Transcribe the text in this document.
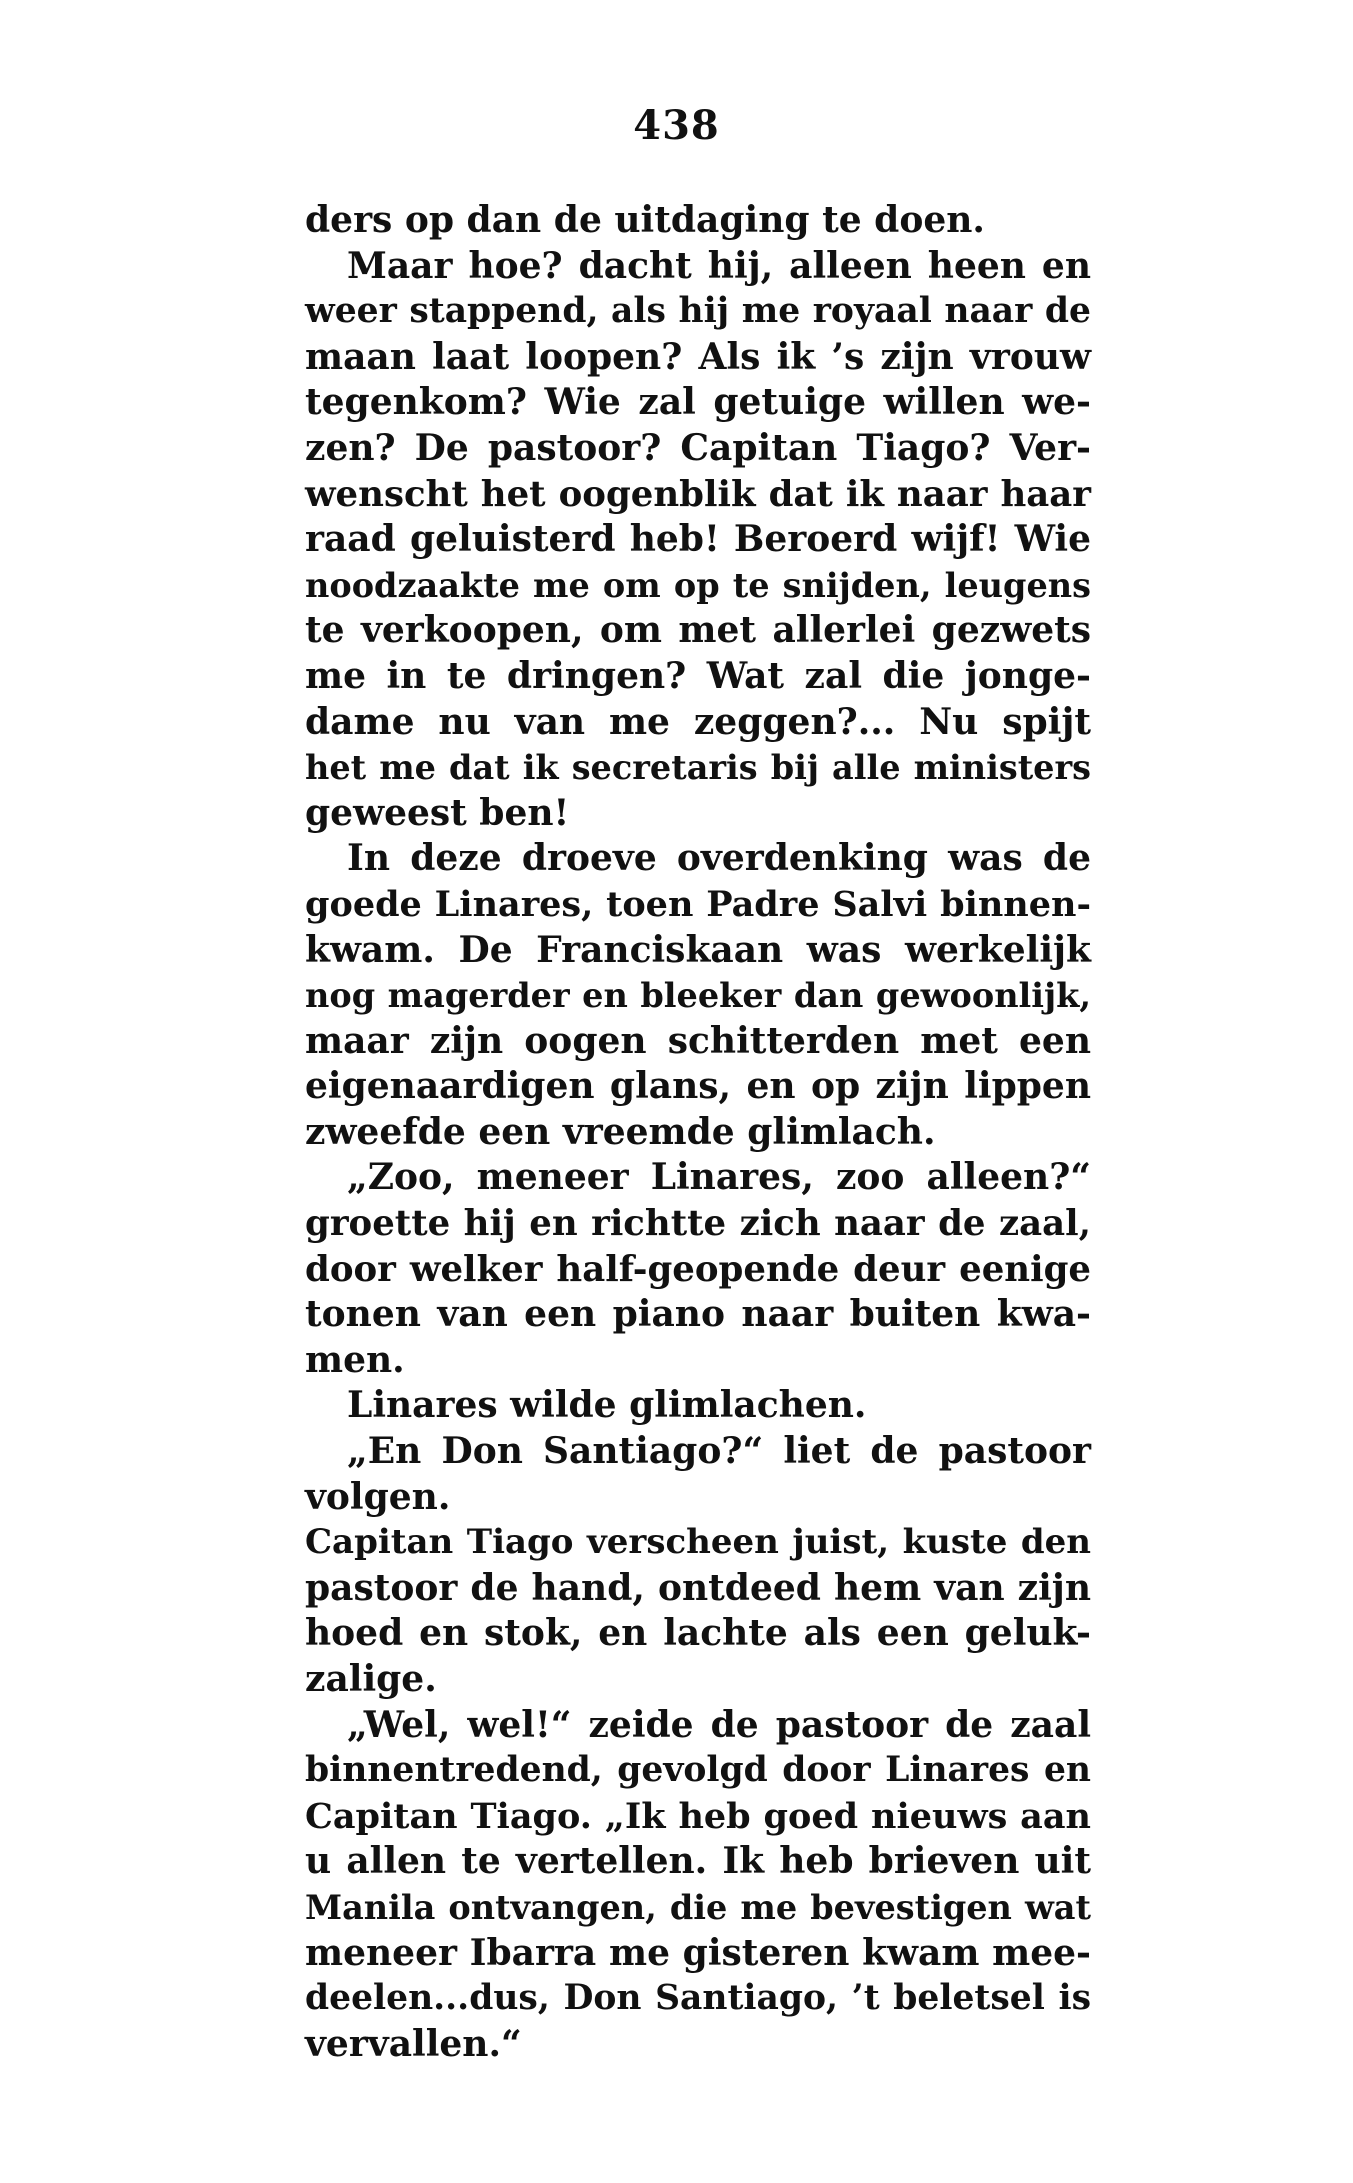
438
ders op dan de uitdaging te doen.
Maar hoe? dacht hij, alleen heen en
weer stappend, als hij me royaal naar de
maan laat loopen? Als ik ’s zijn vrouw
tegenkom? Wie zal getuige willen we-
zen? De pastoor? Capitan Tiago? Ver-
wenscht het oogenblik dat ik naar haar
raad geluisterd heb! Beroerd wijf! Wie
noodzaakte me om op te snijden, leugens
te verkoopen, om met allerlei gezwets
me in te dringen? Wat zal die jonge-
dame nu van me zeggen?... Nu spijt
het me dat ik secretaris bij alle ministers
geweest ben!
In deze droeve overdenking was de
goede Linares, toen Padre Salvi binnen-
kwam. De Franciskaan was werkelijk
nog magerder en bleeker dan gewoonlijk,
maar zijn oogen schitterden met een
eigenaardigen glans, en op zijn lippen
zweefde een vreemde glimlach.
„Zoo, meneer Linares, zoo alleen?“
groette hij en richtte zich naar de zaal,
door welker half-geopende deur eenige
tonen van een piano naar buiten kwa-
men.
Linares wilde glimlachen.
„En Don Santiago?“ liet de pastoor
volgen.
Capitan Tiago verscheen juist, kuste den
pastoor de hand, ontdeed hem van zijn
hoed en stok, en lachte als een geluk-
zalige.
„Wel, wel!“ zeide de pastoor de zaal
binnentredend, gevolgd door Linares en
Capitan Tiago. „Ik heb goed nieuws aan
u allen te vertellen. Ik heb brieven uit
Manila ontvangen, die me bevestigen wat
meneer Ibarra me gisteren kwam mee-
deelen...dus, Don Santiago, ’t beletsel is
vervallen.“
